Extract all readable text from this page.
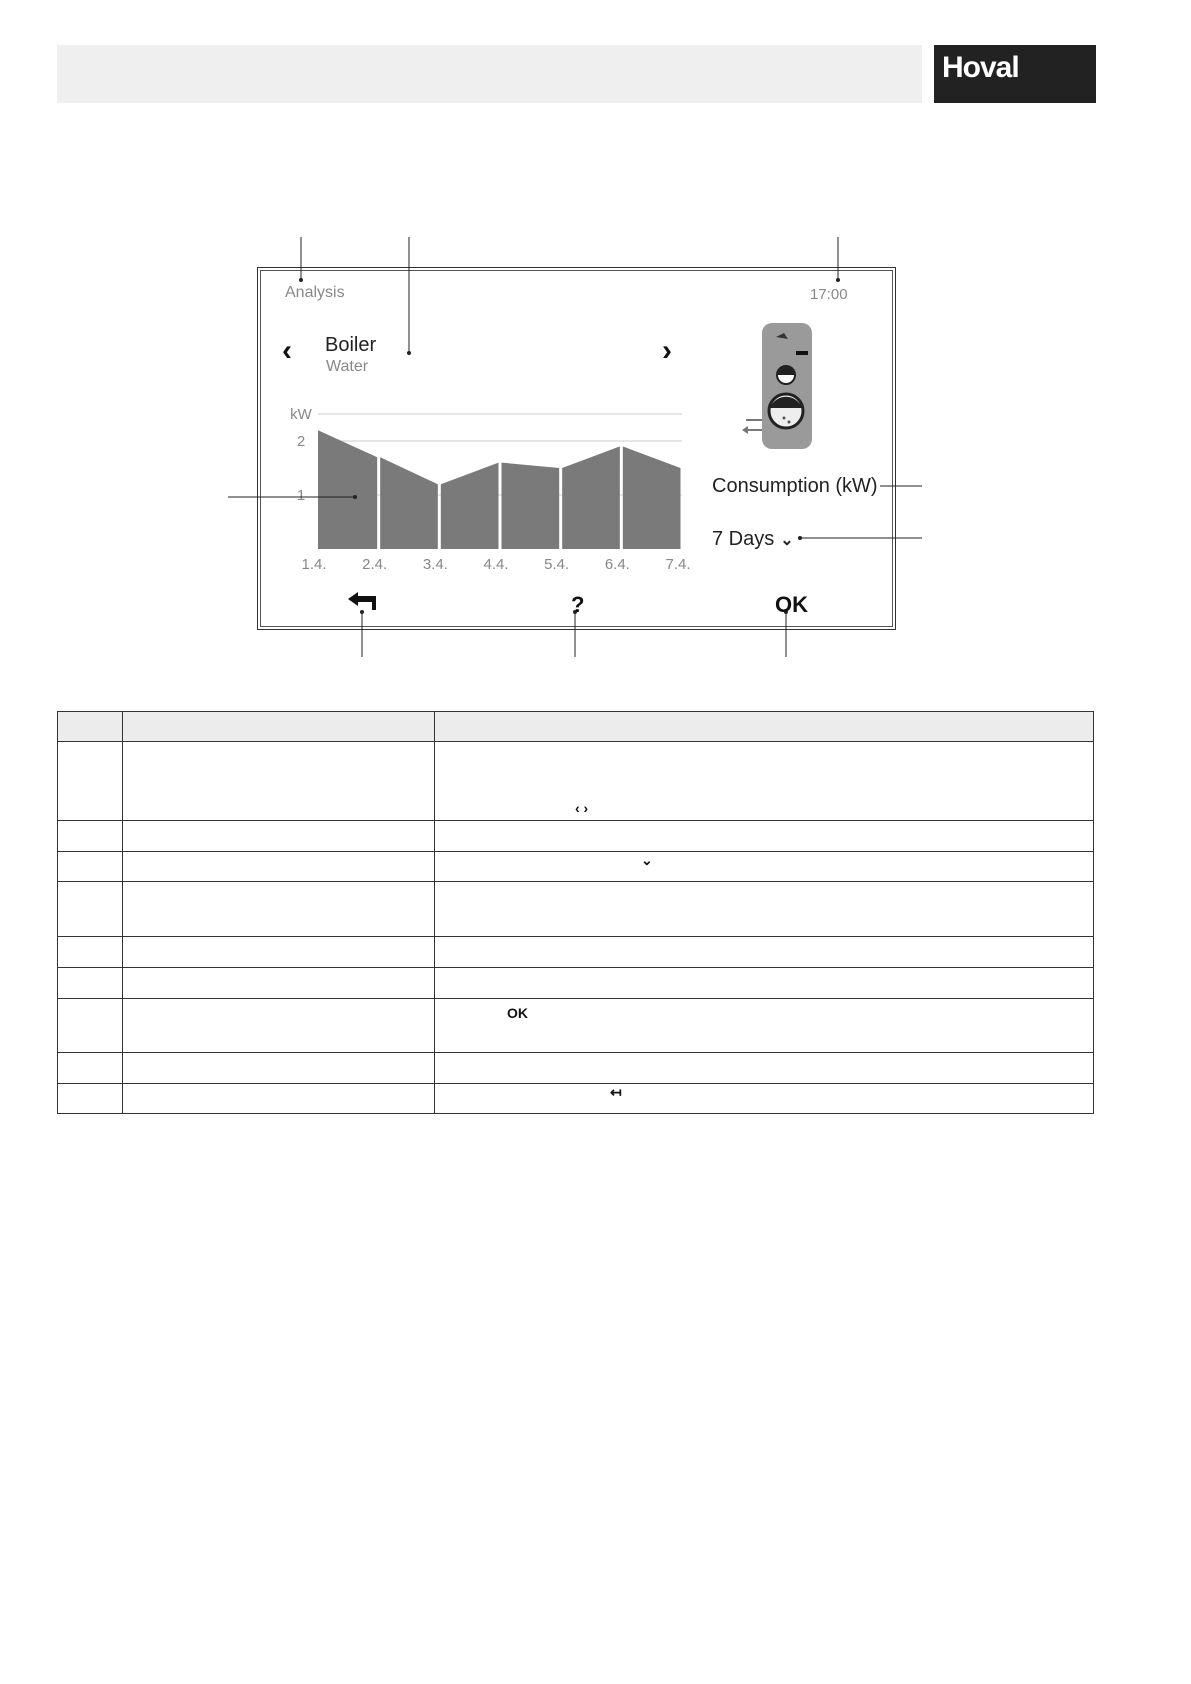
Hoval
Analysis	17:00
‹	›
Boiler
Water
1.4. 2.4. 3.4. 4.4. 5.4. 6.4. 7.4.
kW
1
2
Consumption (kW)
7 Days ⌄
?	OK

		‹ ›

		⌄

		OK

		↤
